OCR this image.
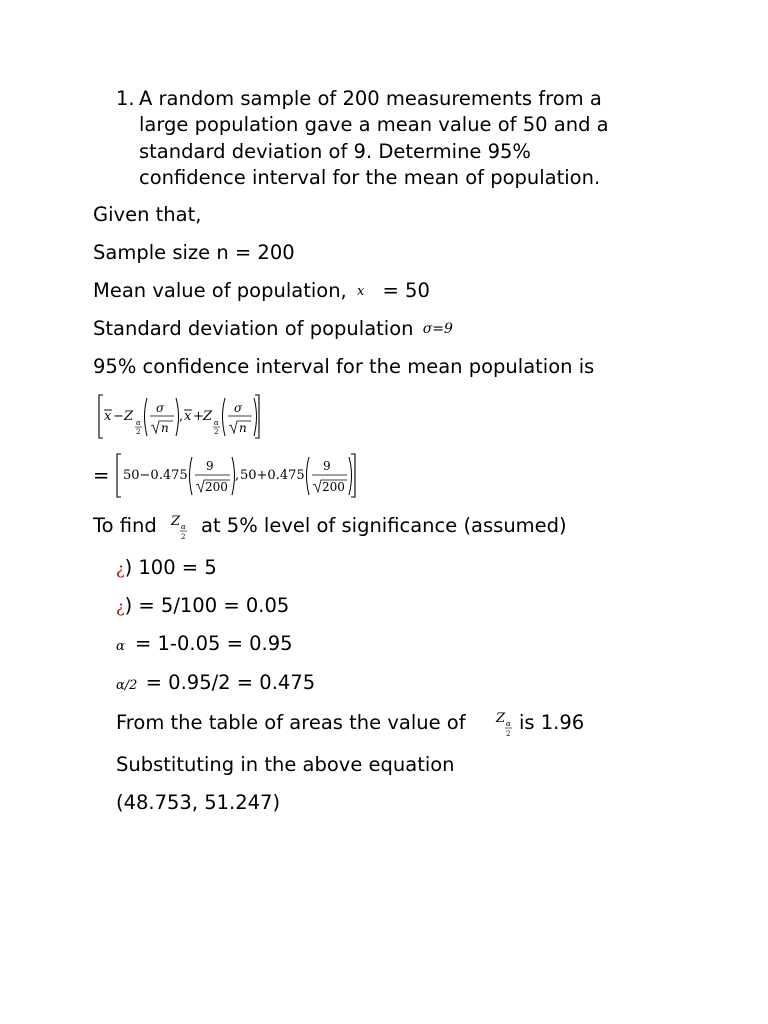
1. A random sample of 200 measurements from a
large population gave a mean value of 50 and a
standard deviation of 9. Determine 95%
confidence interval for the mean of population.
Given that,
Sample size n = 200
Mean value of population, x = 50
Standard deviation of population σ=9
95% confidence interval for the mean population is
x − Z α
2
σ
n
, x + Z α
2
σ
n
= 50−0.475
9
200
, 50+0.475
9
200
To find Z α
2 at 5% level of significance (assumed)
¿) 100 = 5
¿) = 5/100 = 0.05
α = 1-0.05 = 0.95
α/2 = 0.95/2 = 0.475
From the table of areas the value of Z α
2 is 1.96
Substituting in the above equation
(48.753, 51.247)
